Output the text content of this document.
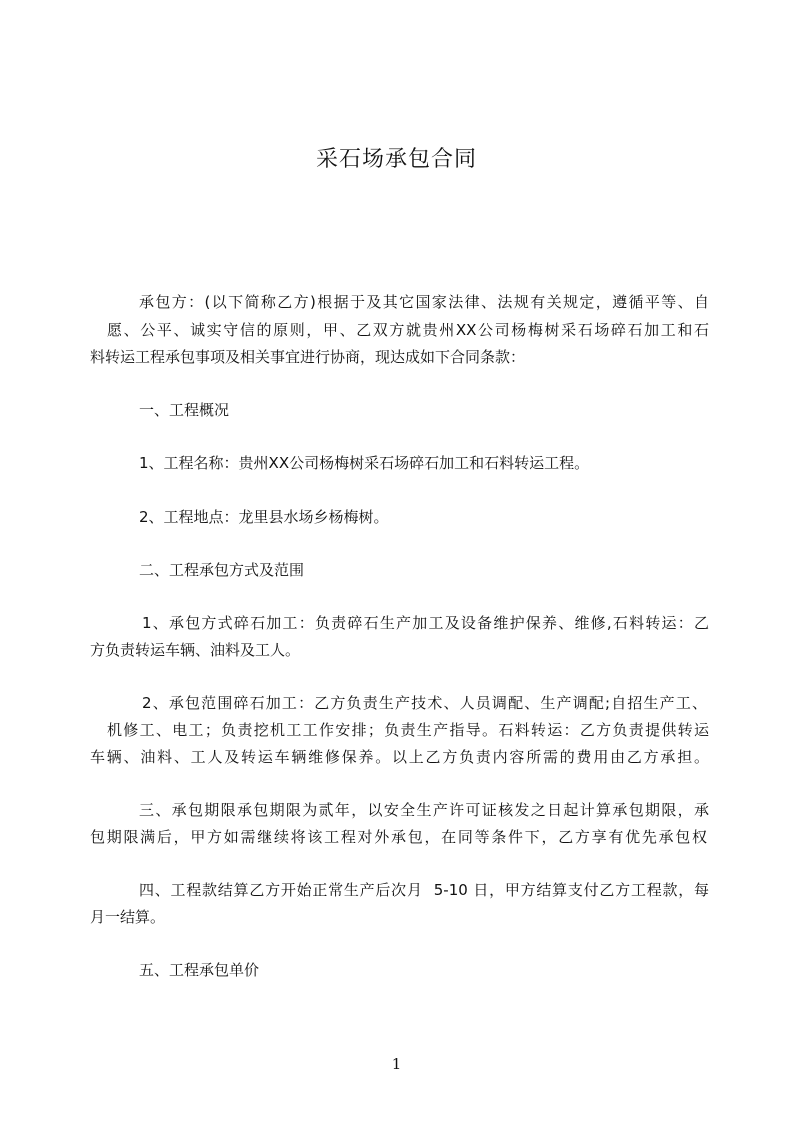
采石场承包合同
承包方：(以下简称乙方)根据于及其它国家法律、法规有关规定，遵循平等、自
愿、公平、诚实守信的原则，甲、乙双方就贵州XX公司杨梅树采石场碎石加工和石
料转运工程承包事项及相关事宜进行协商，现达成如下合同条款：
一、工程概况
1、工程名称：贵州XX公司杨梅树采石场碎石加工和石料转运工程。
2、工程地点：龙里县水场乡杨梅树。
二、工程承包方式及范围
1、承包方式碎石加工：负责碎石生产加工及设备维护保养、维修,石料转运：乙
方负责转运车辆、油料及工人。
2、承包范围碎石加工：乙方负责生产技术、人员调配、生产调配;自招生产工、
机修工、电工；负责挖机工工作安排；负责生产指导。石料转运：乙方负责提供转运
车辆、油料、工人及转运车辆维修保养。以上乙方负责内容所需的费用由乙方承担。
三、承包期限承包期限为贰年，以安全生产许可证核发之日起计算承包期限，承
包期限满后，甲方如需继续将该工程对外承包，在同等条件下，乙方享有优先承包权
四、工程款结算乙方开始正常生产后次月  5-10 日，甲方结算支付乙方工程款，每
月一结算。
五、工程承包单价
1
